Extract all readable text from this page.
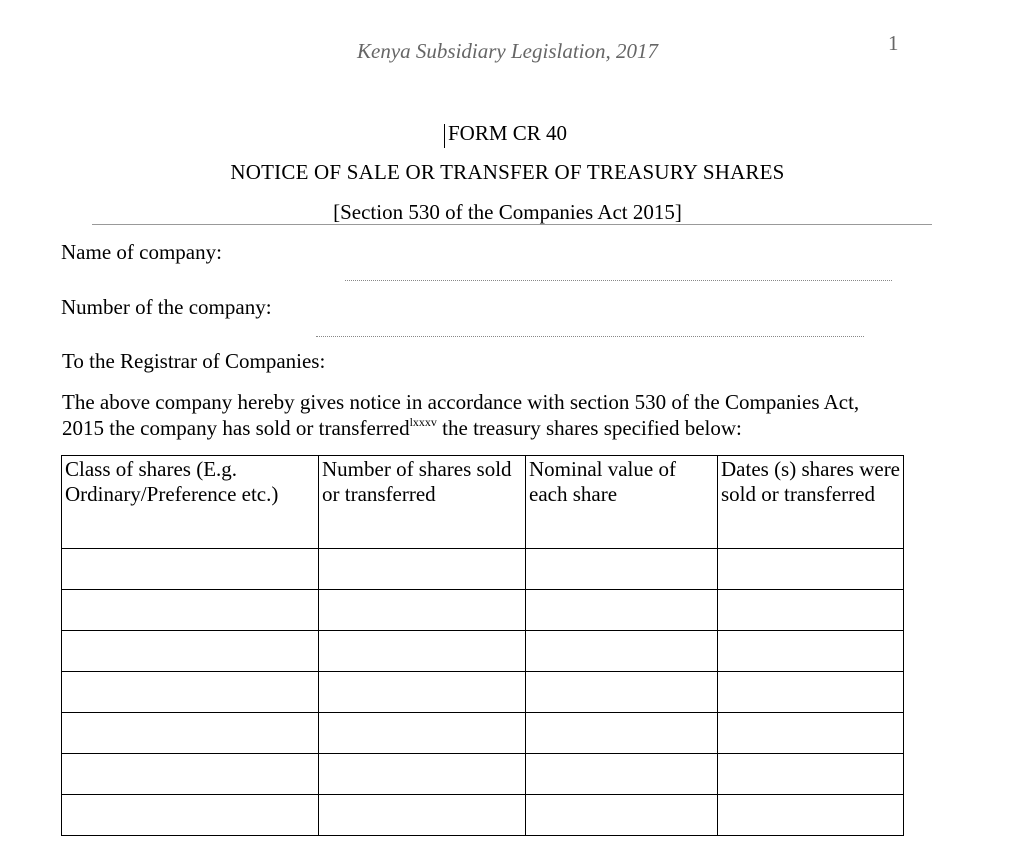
Kenya Subsidiary Legislation, 2017	1
FORM CR 40
NOTICE OF SALE OR TRANSFER OF TREASURY SHARES
[Section 530 of the Companies Act 2015]
Name of company:
Number of the company:
To the Registrar of Companies:
The above company hereby gives notice in accordance with section 530 of the Companies Act,
2015 the company has sold or transferred$^{lxxxv}$ the treasury shares specified below:
Class of shares (E.g. Ordinary/Preference etc.)	Number of shares sold or transferred	Nominal value of each share	Dates (s) shares were sold or transferred
